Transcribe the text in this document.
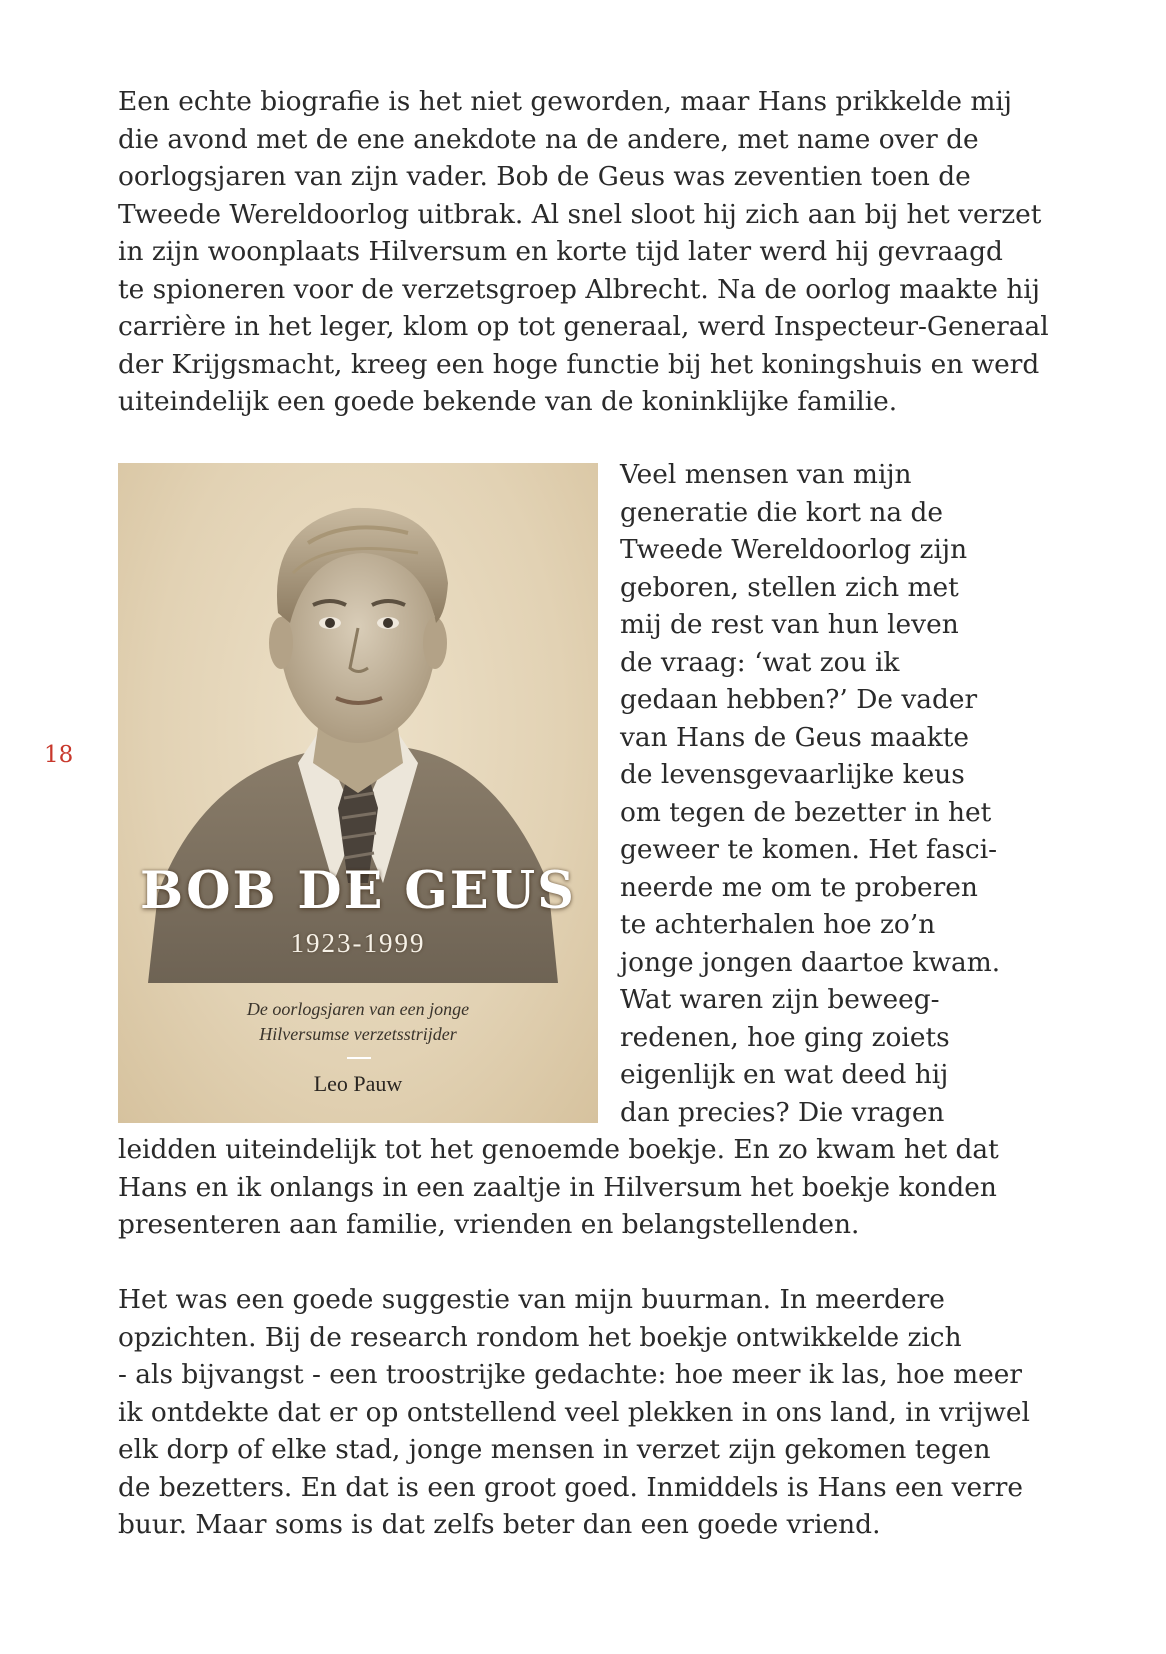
18
Een echte biografie is het niet geworden, maar Hans prikkelde mij
die avond met de ene anekdote na de andere, met name over de
oorlogsjaren van zijn vader. Bob de Geus was zeventien toen de
Tweede Wereldoorlog uitbrak. Al snel sloot hij zich aan bij het verzet
in zijn woonplaats Hilversum en korte tijd later werd hij gevraagd
te spioneren voor de verzetsgroep Albrecht. Na de oorlog maakte hij
carrière in het leger, klom op tot generaal, werd Inspecteur-Generaal
der Krijgsmacht, kreeg een hoge functie bij het koningshuis en werd
uiteindelijk een goede bekende van de koninklijke familie.
BOB DE GEUS
1923-1999
De oorlogsjaren van een jonge
Hilversumse verzetsstrijder
Leo Pauw
Veel mensen van mijn
generatie die kort na de
Tweede Wereldoorlog zijn
geboren, stellen zich met
mij de rest van hun leven
de vraag: ‘wat zou ik
gedaan hebben?’ De vader
van Hans de Geus maakte
de levensgevaarlijke keus
om tegen de bezetter in het
geweer te komen. Het fasci-
neerde me om te proberen
te achterhalen hoe zo’n
jonge jongen daartoe kwam.
Wat waren zijn beweeg-
redenen, hoe ging zoiets
eigenlijk en wat deed hij
dan precies? Die vragen
leidden uiteindelijk tot het genoemde boekje. En zo kwam het dat
Hans en ik onlangs in een zaaltje in Hilversum het boekje konden
presenteren aan familie, vrienden en belangstellenden.
Het was een goede suggestie van mijn buurman. In meerdere
opzichten. Bij de research rondom het boekje ontwikkelde zich
- als bijvangst - een troostrijke gedachte: hoe meer ik las, hoe meer
ik ontdekte dat er op ontstellend veel plekken in ons land, in vrijwel
elk dorp of elke stad, jonge mensen in verzet zijn gekomen tegen
de bezetters. En dat is een groot goed. Inmiddels is Hans een verre
buur. Maar soms is dat zelfs beter dan een goede vriend.
